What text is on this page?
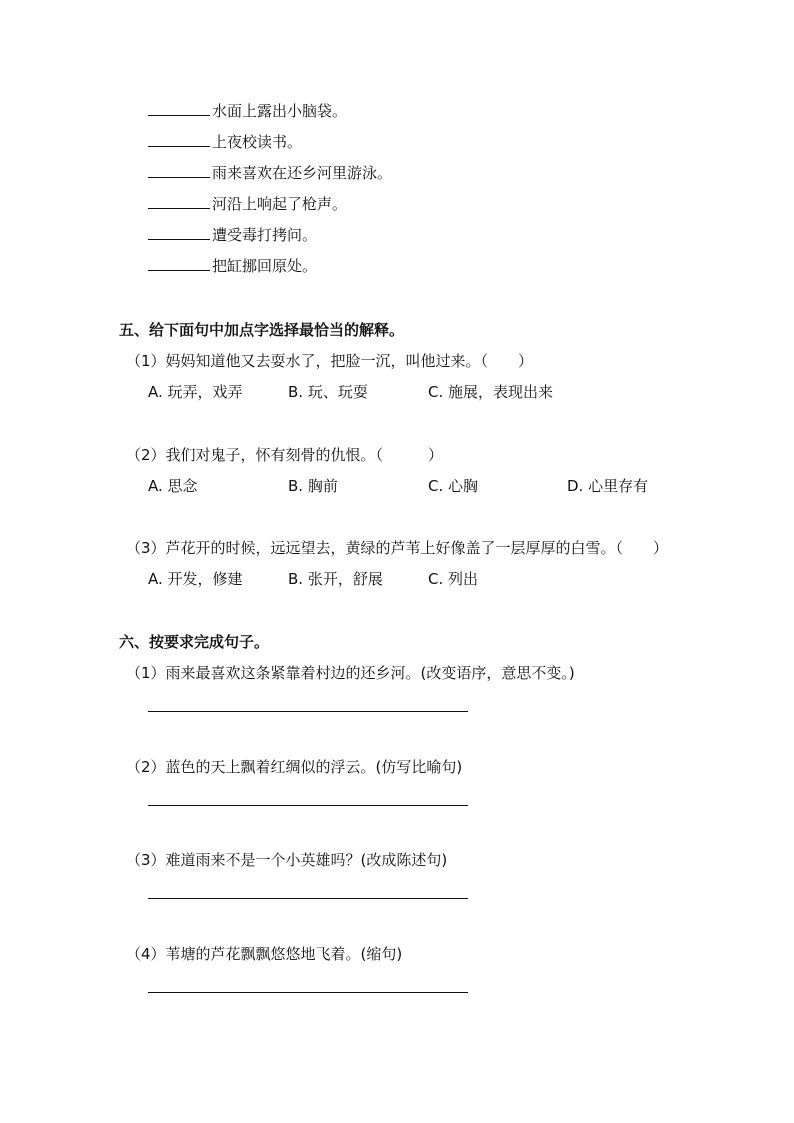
水面上露出小脑袋。
上夜校读书。
雨来喜欢在还乡河里游泳。
河沿上响起了枪声。
遭受毒打拷问。
把缸挪回原处。
五、给下面句中加点字选择最恰当的解释。
（1）妈妈知道他又去耍水了，把脸一沉，叫他过来。（　　）
A. 玩弄，戏弄	B. 玩、玩耍	C. 施展，表现出来
（2）我们对鬼子，怀有刻骨的仇恨。（　　　）
A. 思念	B. 胸前	C. 心胸	D. 心里存有
（3）芦花开的时候，远远望去，黄绿的芦苇上好像盖了一层厚厚的白雪。（　　）
A. 开发，修建	B. 张开，舒展	C. 列出
六、按要求完成句子。
（1）雨来最喜欢这条紧靠着村边的还乡河。(改变语序，意思不变。)
（2）蓝色的天上飘着红绸似的浮云。(仿写比喻句)
（3）难道雨来不是一个小英雄吗？(改成陈述句)
（4）苇塘的芦花飘飘悠悠地飞着。(缩句)
